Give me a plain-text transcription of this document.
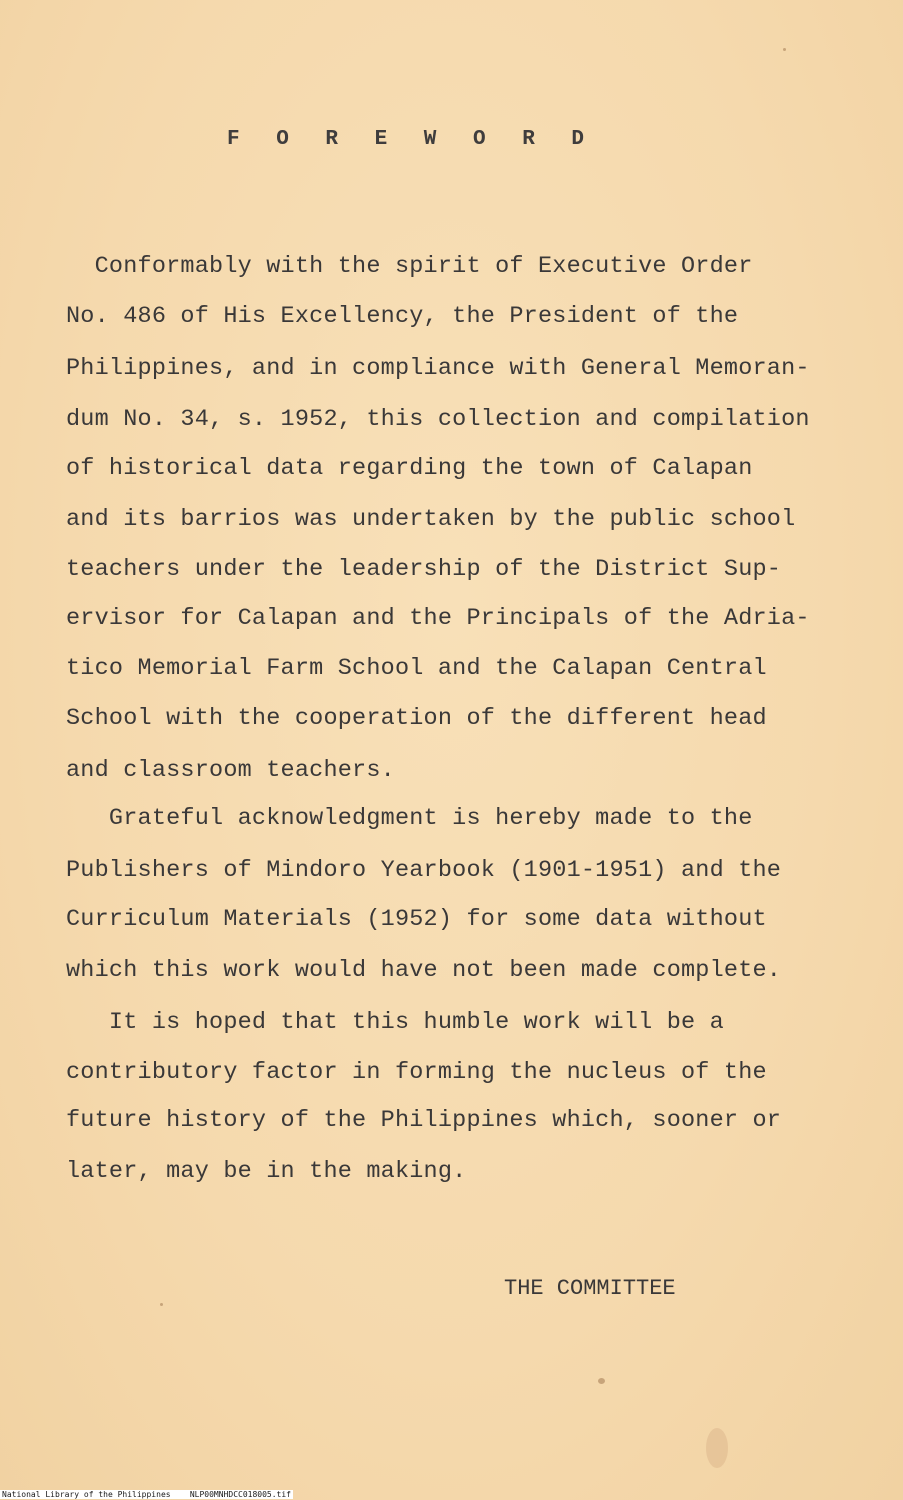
F O R E W O R D
Conformably with the spirit of Executive Order
No. 486 of His Excellency, the President of the
Philippines, and in compliance with General Memoran-
dum No. 34, s. 1952, this collection and compilation
of historical data regarding the town of Calapan
and its barrios was undertaken by the public school
teachers under the leadership of the District Sup-
ervisor for Calapan and the Principals of the Adria-
tico Memorial Farm School and the Calapan Central
School with the cooperation of the different head
and classroom teachers.
Grateful acknowledgment is hereby made to the
Publishers of Mindoro Yearbook (1901-1951) and the
Curriculum Materials (1952) for some data without
which this work would have not been made complete.
It is hoped that this humble work will be a
contributory factor in forming the nucleus of the
future history of the Philippines which, sooner or
later, may be in the making.
THE COMMITTEE
National Library of the Philippines    NLP00MNHDCC018005.tif
